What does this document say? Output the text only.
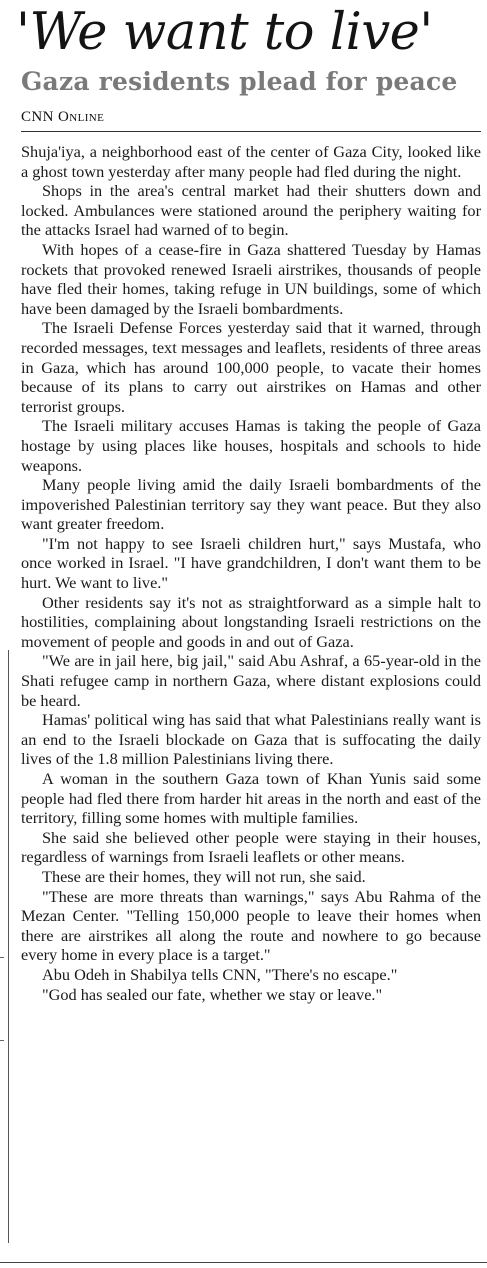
'We want to live'
Gaza residents plead for peace
CNN Online

Shuja'iya, a neighborhood east of the center of Gaza City, looked like a ghost town yesterday after many people had fled during the night.

Shops in the area's central market had their shutters down and locked. Ambulances were stationed around the periphery waiting for the attacks Israel had warned of to begin.

With hopes of a cease-fire in Gaza shattered Tuesday by Hamas rockets that provoked renewed Israeli airstrikes, thousands of people have fled their homes, taking refuge in UN buildings, some of which have been damaged by the Israeli bombardments.

The Israeli Defense Forces yesterday said that it warned, through recorded messages, text messages and leaflets, residents of three areas in Gaza, which has around 100,000 people, to vacate their homes because of its plans to carry out airstrikes on Hamas and other terrorist groups.

The Israeli military accuses Hamas is taking the people of Gaza hostage by using places like houses, hospitals and schools to hide weapons.

Many people living amid the daily Israeli bombardments of the impoverished Palestinian territory say they want peace. But they also want greater freedom.

"I'm not happy to see Israeli children hurt," says Mustafa, who once worked in Israel. "I have grandchildren, I don't want them to be hurt. We want to live."

Other residents say it's not as straightforward as a simple halt to hostilities, complaining about longstanding Israeli restrictions on the movement of people and goods in and out of Gaza.

"We are in jail here, big jail," said Abu Ashraf, a 65-year-old in the Shati refugee camp in northern Gaza, where distant explosions could be heard.

Hamas' political wing has said that what Palestinians really want is an end to the Israeli blockade on Gaza that is suffocating the daily lives of the 1.8 million Palestinians living there.

A woman in the southern Gaza town of Khan Yunis said some people had fled there from harder hit areas in the north and east of the territory, filling some homes with multiple families.

She said she believed other people were staying in their houses, regardless of warnings from Israeli leaflets or other means.

These are their homes, they will not run, she said.

"These are more threats than warnings," says Abu Rahma of the Mezan Center. "Telling 150,000 people to leave their homes when there are airstrikes all along the route and nowhere to go because every home in every place is a target."

Abu Odeh in Shabilya tells CNN, "There's no escape."

"God has sealed our fate, whether we stay or leave."
